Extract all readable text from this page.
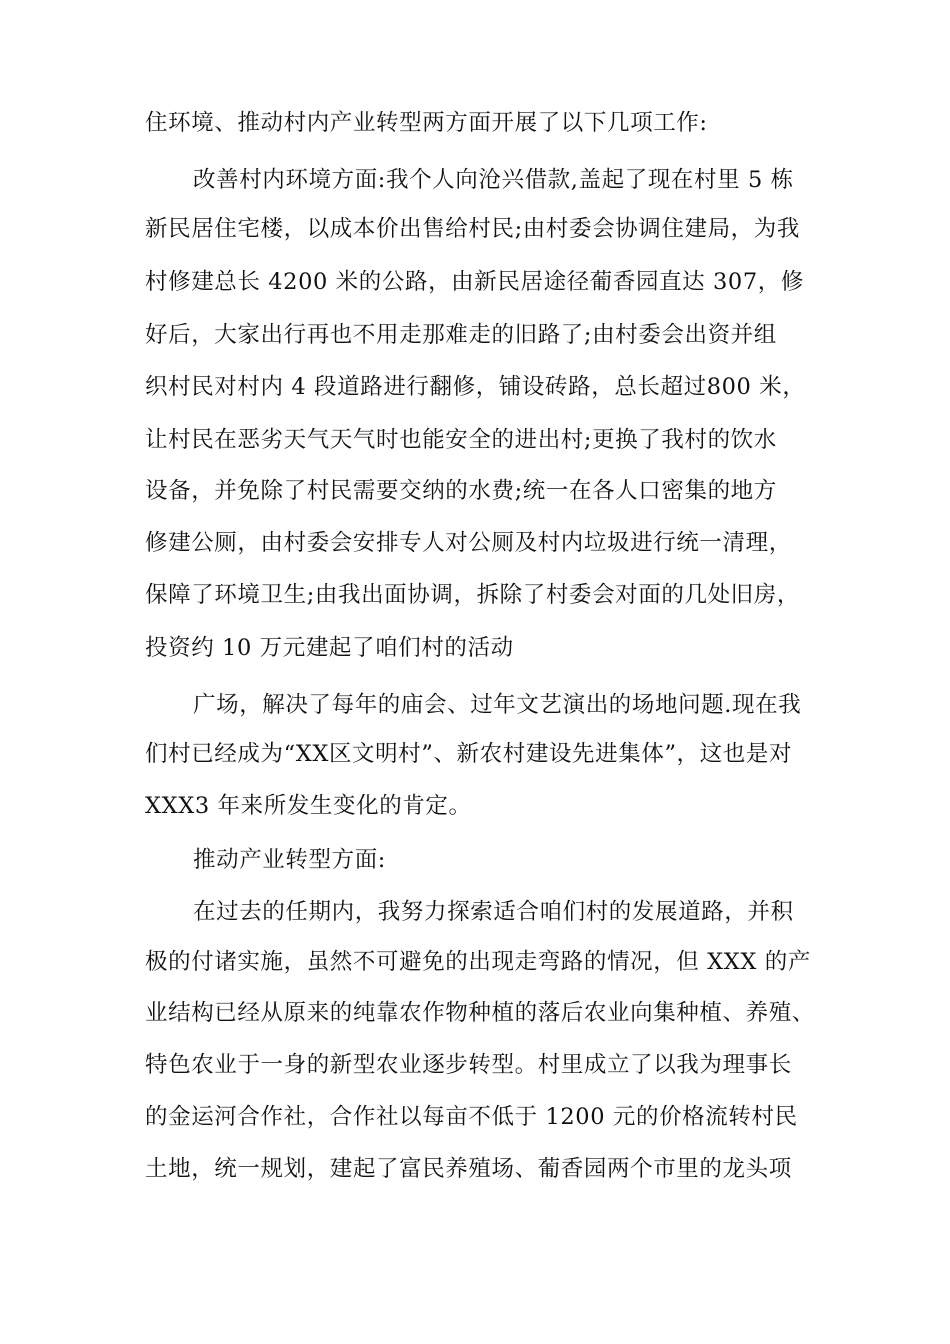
住环境、推动村内产业转型两方面开展了以下几项工作:
改善村内环境方面:我个人向沧兴借款,盖起了现在村里 5 栋
新民居住宅楼，以成本价出售给村民;由村委会协调住建局，为我
村修建总长 4200 米的公路，由新民居途径葡香园直达 307，修
好后，大家出行再也不用走那难走的旧路了;由村委会出资并组
织村民对村内 4 段道路进行翻修，铺设砖路，总长超过800 米，
让村民在恶劣天气天气时也能安全的进出村;更换了我村的饮水
设备，并免除了村民需要交纳的水费;统一在各人口密集的地方
修建公厕，由村委会安排专人对公厕及村内垃圾进行统一清理，
保障了环境卫生;由我出面协调，拆除了村委会对面的几处旧房，
投资约 10 万元建起了咱们村的活动
广场，解决了每年的庙会、过年文艺演出的场地问题.现在我
们村已经成为“XX区文明村”、新农村建设先进集体”，这也是对
XXX3 年来所发生变化的肯定。
推动产业转型方面:
在过去的任期内，我努力探索适合咱们村的发展道路，并积
极的付诸实施，虽然不可避免的出现走弯路的情况，但 XXX 的产
业结构已经从原来的纯靠农作物种植的落后农业向集种植、养殖、
特色农业于一身的新型农业逐步转型。村里成立了以我为理事长
的金运河合作社，合作社以每亩不低于 1200 元的价格流转村民
土地，统一规划，建起了富民养殖场、葡香园两个市里的龙头项
